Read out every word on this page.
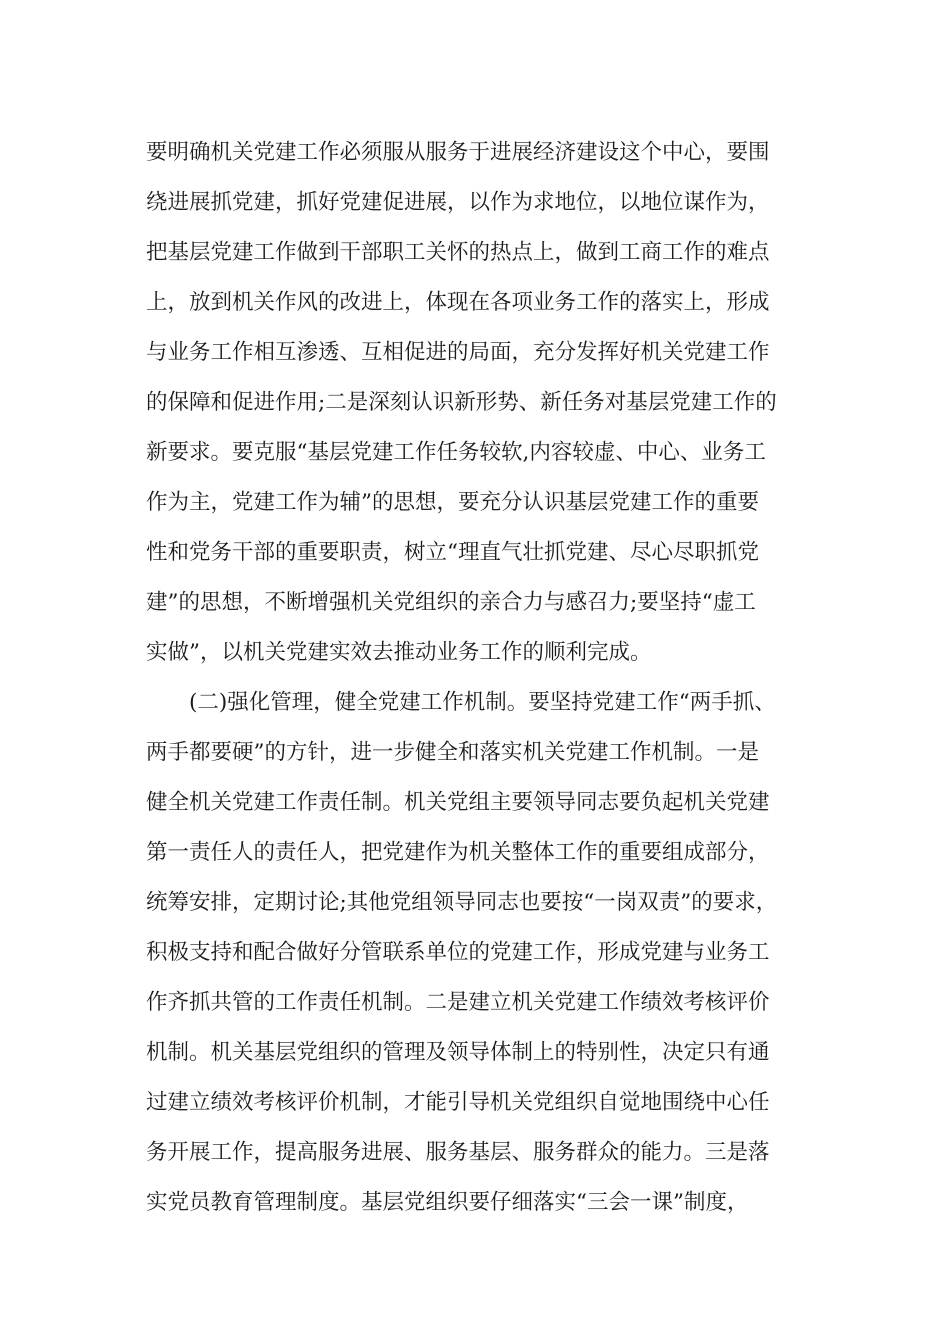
要明确机关党建工作必须服从服务于进展经济建设这个中心，要围
绕进展抓党建，抓好党建促进展，以作为求地位，以地位谋作为，
把基层党建工作做到干部职工关怀的热点上，做到工商工作的难点
上，放到机关作风的改进上，体现在各项业务工作的落实上，形成
与业务工作相互渗透、互相促进的局面，充分发挥好机关党建工作
的保障和促进作用;二是深刻认识新形势、新任务对基层党建工作的
新要求。要克服“基层党建工作任务较软,内容较虚、中心、业务工
作为主，党建工作为辅”的思想，要充分认识基层党建工作的重要
性和党务干部的重要职责，树立“理直气壮抓党建、尽心尽职抓党
建”的思想，不断增强机关党组织的亲合力与感召力;要坚持“虚工
实做”，以机关党建实效去推动业务工作的顺利完成。
(二)强化管理，健全党建工作机制。要坚持党建工作“两手抓、
两手都要硬”的方针，进一步健全和落实机关党建工作机制。一是
健全机关党建工作责任制。机关党组主要领导同志要负起机关党建
第一责任人的责任人，把党建作为机关整体工作的重要组成部分，
统筹安排，定期讨论;其他党组领导同志也要按“一岗双责”的要求，
积极支持和配合做好分管联系单位的党建工作，形成党建与业务工
作齐抓共管的工作责任机制。二是建立机关党建工作绩效考核评价
机制。机关基层党组织的管理及领导体制上的特别性，决定只有通
过建立绩效考核评价机制，才能引导机关党组织自觉地围绕中心任
务开展工作，提高服务进展、服务基层、服务群众的能力。三是落
实党员教育管理制度。基层党组织要仔细落实“三会一课”制度，
